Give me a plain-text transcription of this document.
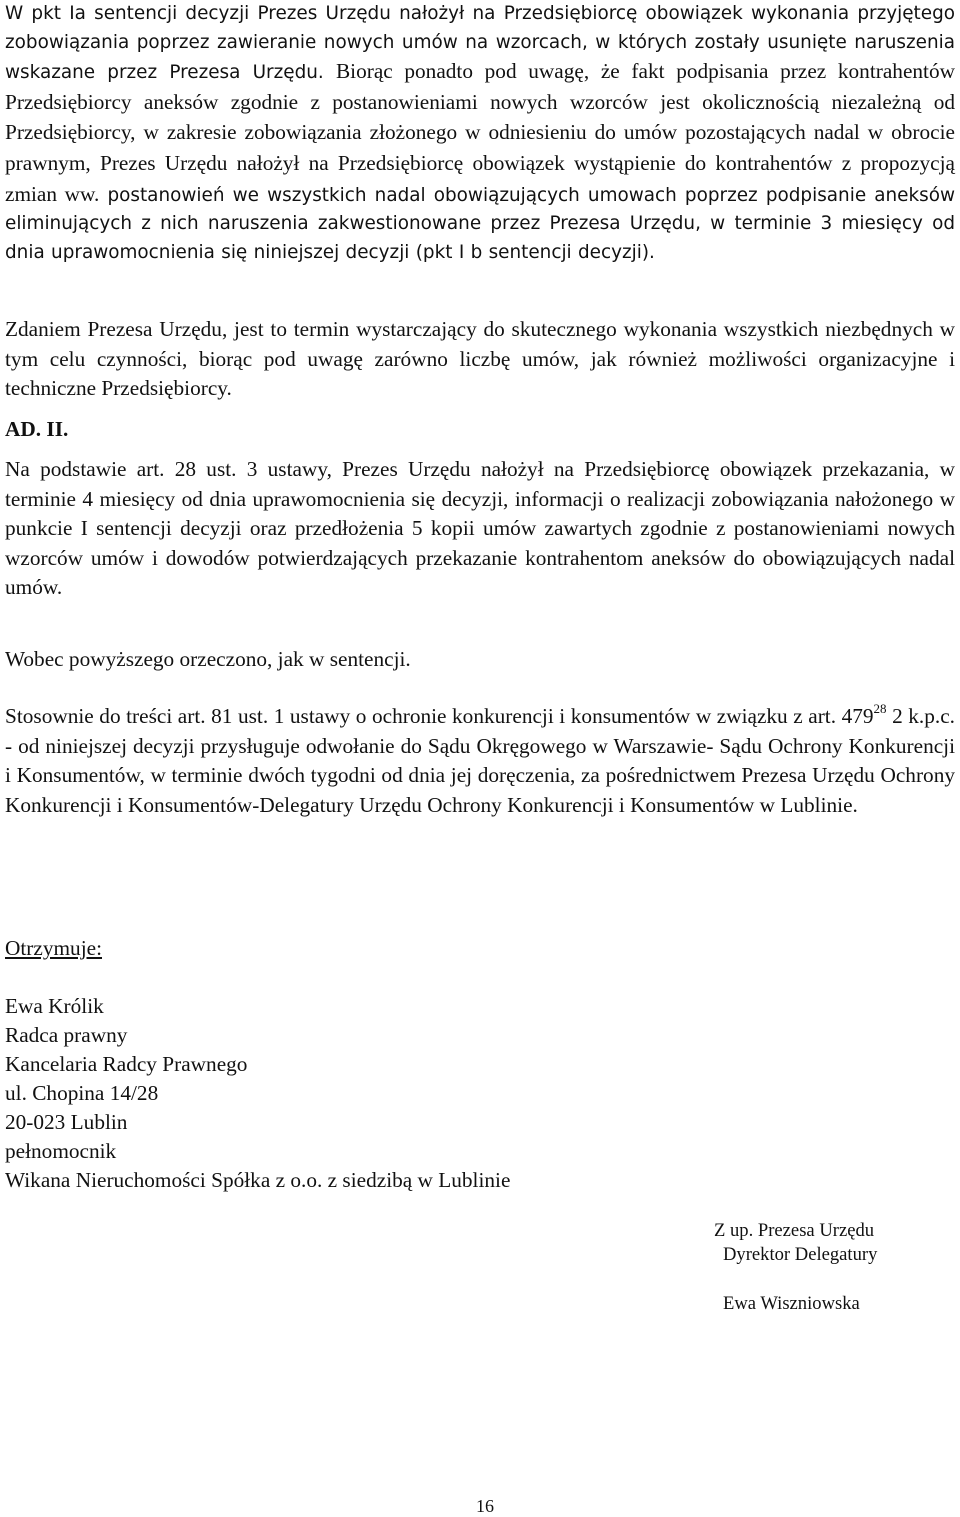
W pkt Ia sentencji decyzji Prezes Urzędu nałożył na Przedsiębiorcę obowiązek wykonania przyjętego zobowiązania poprzez zawieranie nowych umów na wzorcach, w których zostały usunięte naruszenia wskazane przez Prezesa Urzędu. Biorąc ponadto pod uwagę, że fakt podpisania przez kontrahentów Przedsiębiorcy aneksów zgodnie z postanowieniami nowych wzorców jest okolicznością niezależną od Przedsiębiorcy, w zakresie zobowiązania złożonego w odniesieniu do umów pozostających nadal w obrocie prawnym, Prezes Urzędu nałożył na Przedsiębiorcę obowiązek wystąpienie do kontrahentów z propozycją zmian ww. postanowień we wszystkich nadal obowiązujących umowach poprzez podpisanie aneksów eliminujących z nich naruszenia zakwestionowane przez Prezesa Urzędu, w terminie 3 miesięcy od dnia uprawomocnienia się niniejszej decyzji (pkt I b sentencji decyzji).

Zdaniem Prezesa Urzędu, jest to termin wystarczający do skutecznego wykonania wszystkich niezbędnych w tym celu czynności, biorąc pod uwagę zarówno liczbę umów, jak również możliwości organizacyjne i techniczne Przedsiębiorcy.

AD. II.

Na podstawie art. 28 ust. 3 ustawy, Prezes Urzędu nałożył na Przedsiębiorcę obowiązek przekazania, w terminie 4 miesięcy od dnia uprawomocnienia się decyzji, informacji o realizacji zobowiązania nałożonego w punkcie I sentencji decyzji oraz przedłożenia 5 kopii umów zawartych zgodnie z postanowieniami nowych wzorców umów i dowodów potwierdzających przekazanie kontrahentom aneksów do obowiązujących nadal umów.

Wobec powyższego orzeczono, jak w sentencji.

Stosownie do treści art. 81 ust. 1 ustawy o ochronie konkurencji i konsumentów w związku z art. $479^{28}$ 2 k.p.c. - od niniejszej decyzji przysługuje odwołanie do Sądu Okręgowego w Warszawie- Sądu Ochrony Konkurencji i Konsumentów, w terminie dwóch tygodni od dnia jej doręczenia, za pośrednictwem Prezesa Urzędu Ochrony Konkurencji i Konsumentów-Delegatury Urzędu Ochrony Konkurencji i Konsumentów w Lublinie.

Otrzymuje:
Ewa Królik
Radca prawny
Kancelaria Radcy Prawnego
ul. Chopina 14/28
20-023 Lublin
pełnomocnik
Wikana Nieruchomości Spółka z o.o. z siedzibą w Lublinie
Z up. Prezesa Urzędu
Dyrektor Delegatury
Ewa Wiszniowska
16
